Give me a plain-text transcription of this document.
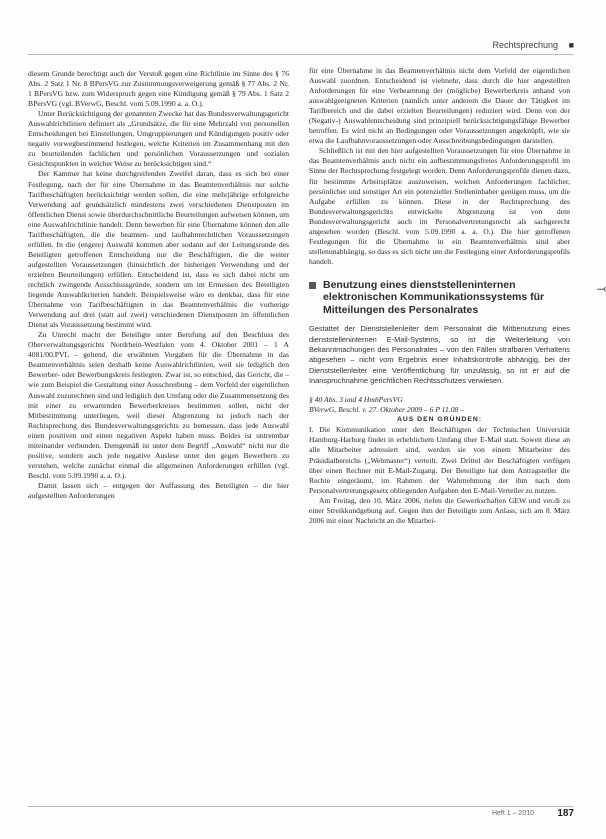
Rechtsprechung ■

diesem Grunde berechtigt auch der Verstoß gegen eine Richtlinie im Sinne des § 76 Abs. 2 Satz 1 Nr. 8 BPersVG zur Zustimmungsverweigerung gemäß § 77 Abs. 2 Nr. 1 BPersVG bzw. zum Widerspruch gegen eine Kündigung gemäß § 79 Abs. 1 Satz 2 BPersVG (vgl. BVerwG, Beschl. vom 5.09.1990 a. a. O.).

Unter Berücksichtigung der genannten Zwecke hat das Bundesverwaltungsgericht Auswahlrichtlinien definiert als „Grundsätze, die für eine Mehrzahl von personellen Entscheidungen bei Einstellungen, Umgruppierungen und Kündigungen positiv oder negativ vorwegbestimmend festlegen, welche Kriterien im Zusammenhang mit den zu beurteilenden fachlichen und persönlichen Voraussetzungen und sozialen Gesichtspunkten in welcher Weise zu berücksichtigen sind.“

Der Kammer hat keine durchgreifenden Zweifel daran, dass es sich bei einer Festlegung, nach der für eine Übernahme in das Beamtenverhältnis nur solche Tarifbeschäftigten berücksichtigt werden sollen, die eine mehrjährige erfolgreiche Verwendung auf grundsätzlich mindestens zwei verschiedenen Dienstposten im öffentlichen Dienst sowie überdurchschnittliche Beurteilungen aufweisen können, um eine Auswahlrichtlinie handelt. Denn bewerben für eine Übernahme können den alle Tarifbeschäftigten, die die beamten- und laufbahnrechtlichen Voraussetzungen erfüllen. In die (engere) Auswahl kommen aber sodann auf der Leitungsrunde des Beteiligten getroffenen Entscheidung nur die Beschäftigten, die die weiter aufgestellten Voraussetzungen (hinsichtlich der bisherigen Verwendung und der erzielten Beurteilungen) erfüllen. Entscheidend ist, dass es sich dabei nicht um rechtlich zwingende Ausschlussgründe, sondern um im Ermessen des Beteiligten liegende Auswahlkriterien handelt. Beispielsweise wäre es denkbar, dass für eine Übernahme von Tarifbeschäftigten in das Beamtenverhältnis die vorherige Verwendung auf drei (statt auf zwei) verschiedenen Dienstposten im öffentlichen Dienst als Voraussetzung bestimmt wird.

Zu Unrecht macht der Beteiligte unter Berufung auf den Beschluss des Oberverwaltungsgerichts Nordrhein-Westfalen vom 4. Oktober 2001 – 1 A 4081/00.PVL – geltend, die erwähnten Vorgaben für die Übernahme in das Beamtenverhältnis seien deshalb keine Auswahlrichtlinien, weil sie lediglich den Bewerber- oder Bewerbungskreis festlegten. Zwar ist, so entschied, das Gericht, die – wie zum Beispiel die Gestaltung einer Ausschreibung – dem Vorfeld der eigentlichen Auswahl zuzurechnen sind und lediglich den Umfang oder die Zusammensetzung des mit einer zu erwartenden Bewerberkreises bestimmen sollen, nicht der Mitbestimmung unterliegen, weil dieser Abgrenzung ist jedoch nach der Rechtsprechung des Bundesverwaltungsgerichts zu bemessen, dass jede Auswahl einen positiven und einen negativen Aspekt haben muss. Beides ist untrennbar miteinander verbunden. Demgemäß ist unter dem Begriff „Auswahl“ nicht nur die positive, sondern auch jede negative Auslese unter den gegen Bewerbern zu verstehen, welche zunächst einmal die allgemeinen Anforderungen erfüllen (vgl. Beschl. vom 5.09.1990 a. a. O.).

Damit lassen sich – entgegen der Auffassung des Beteiligten – die hier aufgestellten Anforderungen

für eine Übernahme in das Beamtenverhältnis nicht dem Vorfeld der eigentlichen Auswahl zuordnen. Entscheidend ist vielmehr, dass durch die hier angestellten Anforderungen für eine Verbeamtung der (mögliche) Bewerberkreis anhand von auswahlgeeigneten Kriterien (namlich unter anderem die Dauer der Tätigkeit im Tarifbereich und die dabei erzielten Beurteilungen) reduziert wird. Denn von der (Negativ-) Auswahlentscheidung sind prinzipiell berücksichtigungsfähige Bewerber betroffen. Es wird nicht an Bedingungen oder Voraussetzungen angeknüpft, wie sie etwa die Laufbahnvoraussetzungen oder Ausschreibungsbedingungen darstellen.

Schließlich ist mit den hier aufgestellten Voraussetzungen für eine Übernahme in das Beamtenverhältnis auch nicht ein aufbestimmungsfreies Anforderungsprofil im Sinne der Rechtsprechung festgelegt worden. Denn Anforderungsprofile dienen dazu, für bestimmte Arbeitsplätze auszuweisen, welchen Anforderungen fachlicher, persönlicher und sonstiger Art ein potenzieller Stelleninhaber genügen muss, um die Aufgabe erfüllen zu können. Diese in der Rechtsprechung des Bundesverwaltungsgerichts entwickelte Abgrenzung ist von dem Bundesverwaltungsgericht auch im Personalvertretungsrecht als sachgerecht angesehen worden (Beschl. vom 5.09.1990 a. a. O.). Die hier getroffenen Festlegungen für die Übernahme in ein Beamtenverhältnis sind aber stellenunabhängig, so dass es sich nicht um die Festlegung einer Anforderungsprofils handelt.

Benutzung eines dienststelleninternen elektronischen Kommunikationssystems für Mitteilungen des Personalrates
⤙
Gestattet der Dienststellenleiter dem Personalrat die Mitbenutzung eines dienststelleninternen E-Mail-Systems, so ist die Weiterleitung von Bekanntmachungen des Personalrates – von den Fällen strafbaren Verhaltens abgesehen – nicht vom Ergebnis einer Inhaltskontrolle abhängig, bei der Dienststellenleiter eine Veröffentlichung für unzulässig, so ist er auf die Inanspruchnahme gerichtlichen Rechtsschutzes verwiesen.

§ 40 Abs. 3 und 4 HmbPersVG

BVerwG, Beschl. v. 27. Oktober 2009 – 6 P 11.08 –

AUS DEN GRÜNDEN:

I. Die Kommunikation unter den Beschäftigten der Technischen Universität Hamburg-Harburg findet in erheblichem Umfang über E-Mail statt. Soweit diese an alle Mitarbeiter adressiert sind, werden sie von einem Mitarbeiter des Präsidialbereichs („Webmaster“) verteilt. Zwei Drittel der Beschäftigten verfügen über einen Rechner mit E-Mail-Zugang. Der Beteiligte hat dem Antragsteller die Rechte eingeräumt, im Rahmen der Wahrnehmung der ihm nach dem Personalvertretungsgesetz obliegenden Aufgaben den E-Mail-Verteiler zu nutzen.

Am Freitag, den 10. März 2006, riefen die Gewerkschaften GEW und ver.di zu einer Streikkundgebung auf. Gegen ihm der Beteiligte zum Anlass, sich am 8. März 2006 mit einer Nachricht an die Mitarbei-

Heft 1 – 2010 187
